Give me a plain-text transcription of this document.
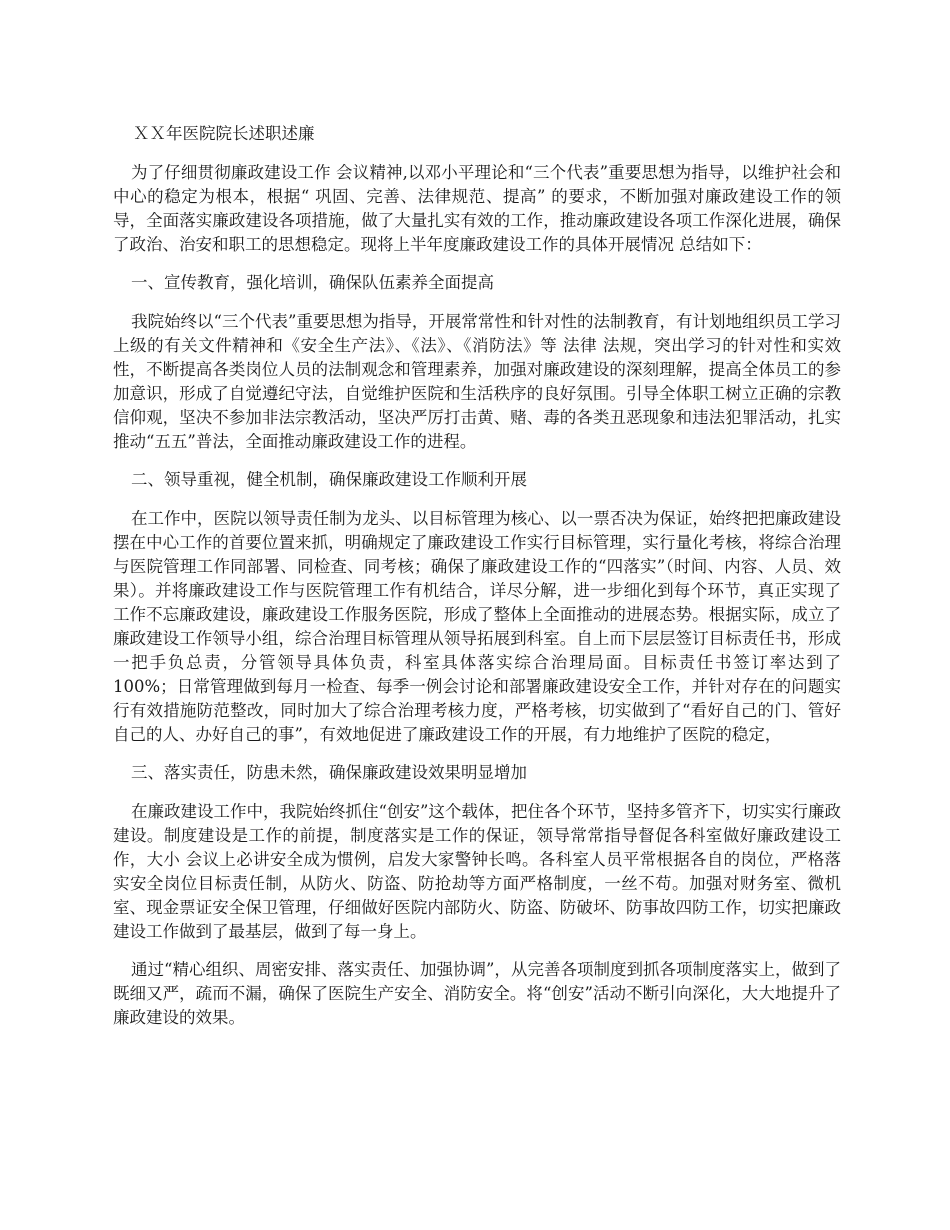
ＸＸ年医院院长述职述廉

为了仔细贯彻廉政建设工作 会议精神,以邓小平理论和“三个代表”重要思想为指导，以维护社会和中心的稳定为根本，根据“ 巩固、完善、法律规范、提高” 的要求，不断加强对廉政建设工作的领导，全面落实廉政建设各项措施，做了大量扎实有效的工作，推动廉政建设各项工作深化进展，确保了政治、治安和职工的思想稳定。现将上半年度廉政建设工作的具体开展情况 总结如下：

一、宣传教育，强化培训，确保队伍素养全面提高

我院始终以“三个代表”重要思想为指导，开展常常性和针对性的法制教育，有计划地组织员工学习上级的有关文件精神和《安全生产法》、《法》、《消防法》等 法律 法规，突出学习的针对性和实效性，不断提高各类岗位人员的法制观念和管理素养，加强对廉政建设的深刻理解，提高全体员工的参加意识，形成了自觉遵纪守法，自觉维护医院和生活秩序的良好氛围。引导全体职工树立正确的宗教信仰观，坚决不参加非法宗教活动，坚决严厉打击黄、赌、毒的各类丑恶现象和违法犯罪活动，扎实推动“五五”普法，全面推动廉政建设工作的进程。

二、领导重视，健全机制，确保廉政建设工作顺利开展

在工作中，医院以领导责任制为龙头、以目标管理为核心、以一票否决为保证，始终把把廉政建设摆在中心工作的首要位置来抓，明确规定了廉政建设工作实行目标管理，实行量化考核，将综合治理与医院管理工作同部署、同检查、同考核；确保了廉政建设工作的“四落实”（时间、内容、人员、效果）。并将廉政建设工作与医院管理工作有机结合，详尽分解，进一步细化到每个环节，真正实现了工作不忘廉政建设，廉政建设工作服务医院，形成了整体上全面推动的进展态势。根据实际，成立了廉政建设工作领导小组，综合治理目标管理从领导拓展到科室。自上而下层层签订目标责任书，形成一把手负总责，分管领导具体负责，科室具体落实综合治理局面。目标责任书签订率达到了 100%；日常管理做到每月一检查、每季一例会讨论和部署廉政建设安全工作，并针对存在的问题实行有效措施防范整改，同时加大了综合治理考核力度，严格考核，切实做到了“看好自己的门、管好自己的人、办好自己的事”，有效地促进了廉政建设工作的开展，有力地维护了医院的稳定，

三、落实责任，防患未然，确保廉政建设效果明显增加

在廉政建设工作中，我院始终抓住“创安”这个载体，把住各个环节，坚持多管齐下，切实实行廉政建设。制度建设是工作的前提，制度落实是工作的保证，领导常常指导督促各科室做好廉政建设工作，大小 会议上必讲安全成为惯例，启发大家警钟长鸣。各科室人员平常根据各自的岗位，严格落实安全岗位目标责任制，从防火、防盗、防抢劫等方面严格制度，一丝不苟。加强对财务室、微机室、现金票证安全保卫管理，仔细做好医院内部防火、防盗、防破坏、防事故四防工作，切实把廉政建设工作做到了最基层，做到了每一身上。

通过“精心组织、周密安排、落实责任、加强协调”，从完善各项制度到抓各项制度落实上，做到了既细又严，疏而不漏，确保了医院生产安全、消防安全。将“创安”活动不断引向深化，大大地提升了廉政建设的效果。
